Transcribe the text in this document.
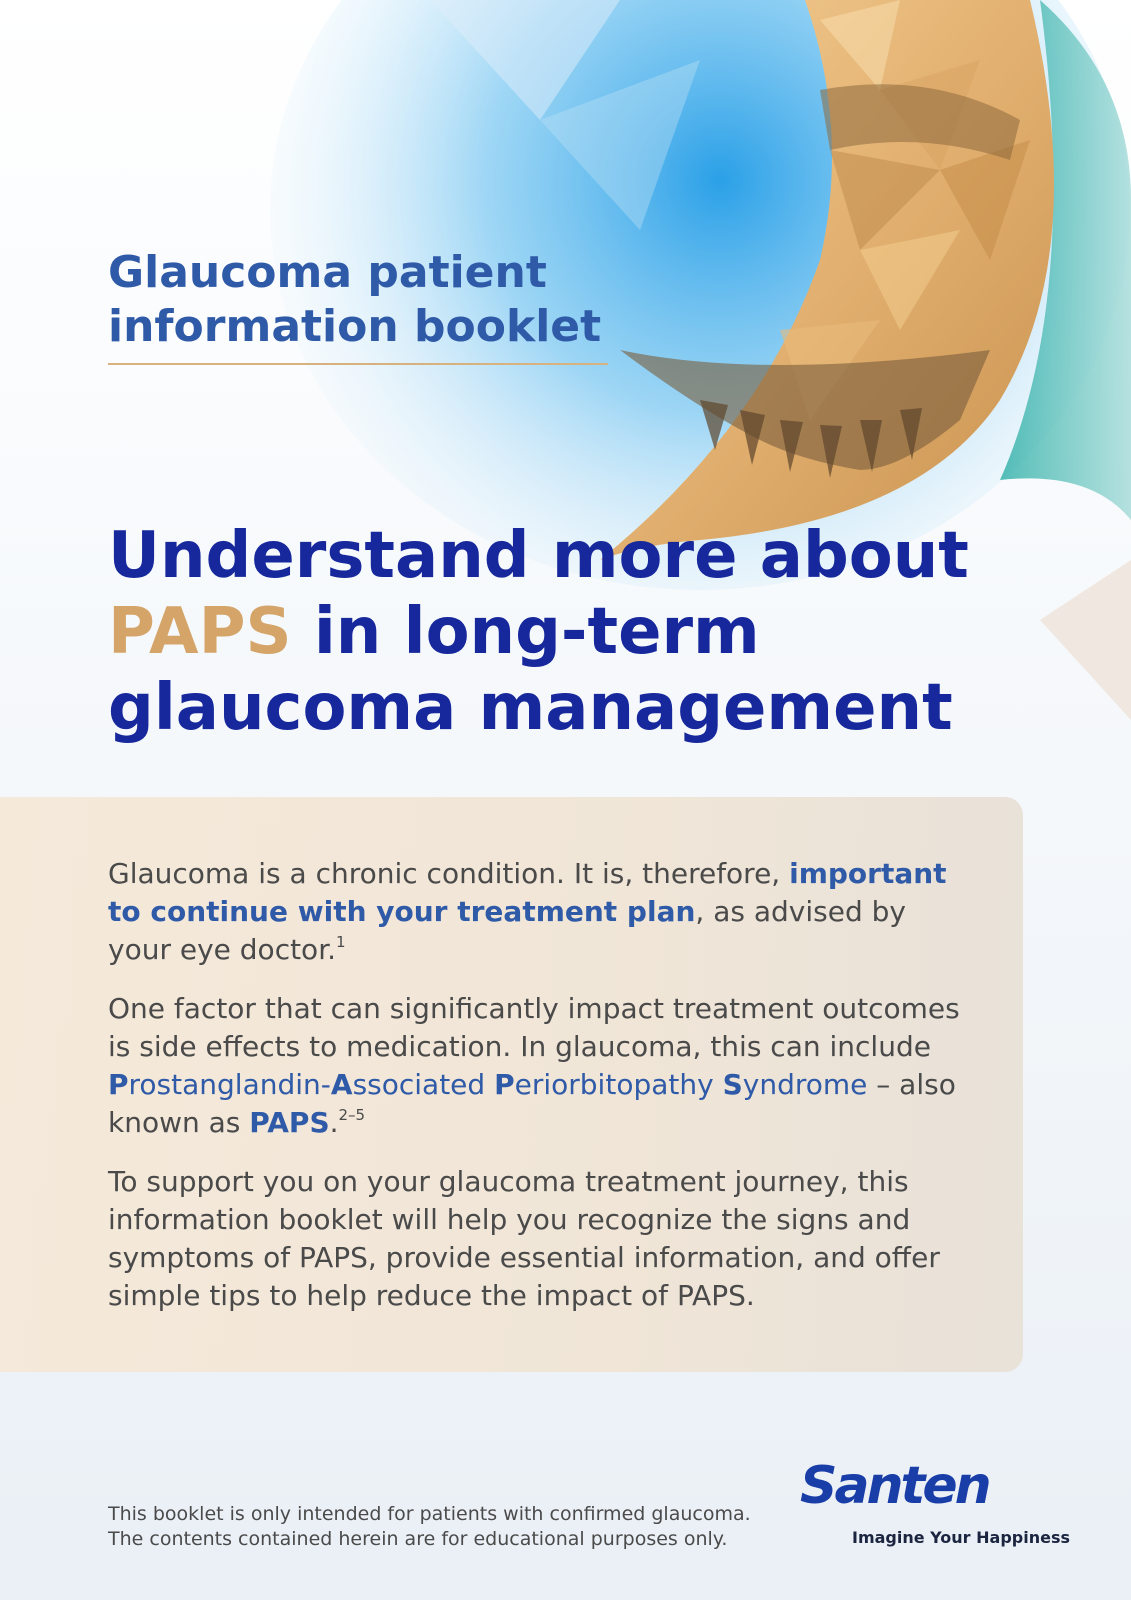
Glaucoma patient
information booklet
Understand more about
PAPS in long-term
glaucoma management

Glaucoma is a chronic condition. It is, therefore, important to continue with your treatment plan, as advised by your eye doctor.$^1$

One factor that can significantly impact treatment outcomes is side effects to medication. In glaucoma, this can include Prostanglandin-Associated Periorbitopathy Syndrome – also known as PAPS.$^{2-5}$

To support you on your glaucoma treatment journey, this information booklet will help you recognize the signs and symptoms of PAPS, provide essential information, and offer simple tips to help reduce the impact of PAPS.

This booklet is only intended for patients with confirmed glaucoma.
The contents contained herein are for educational purposes only.
Santen
Imagine Your Happiness
